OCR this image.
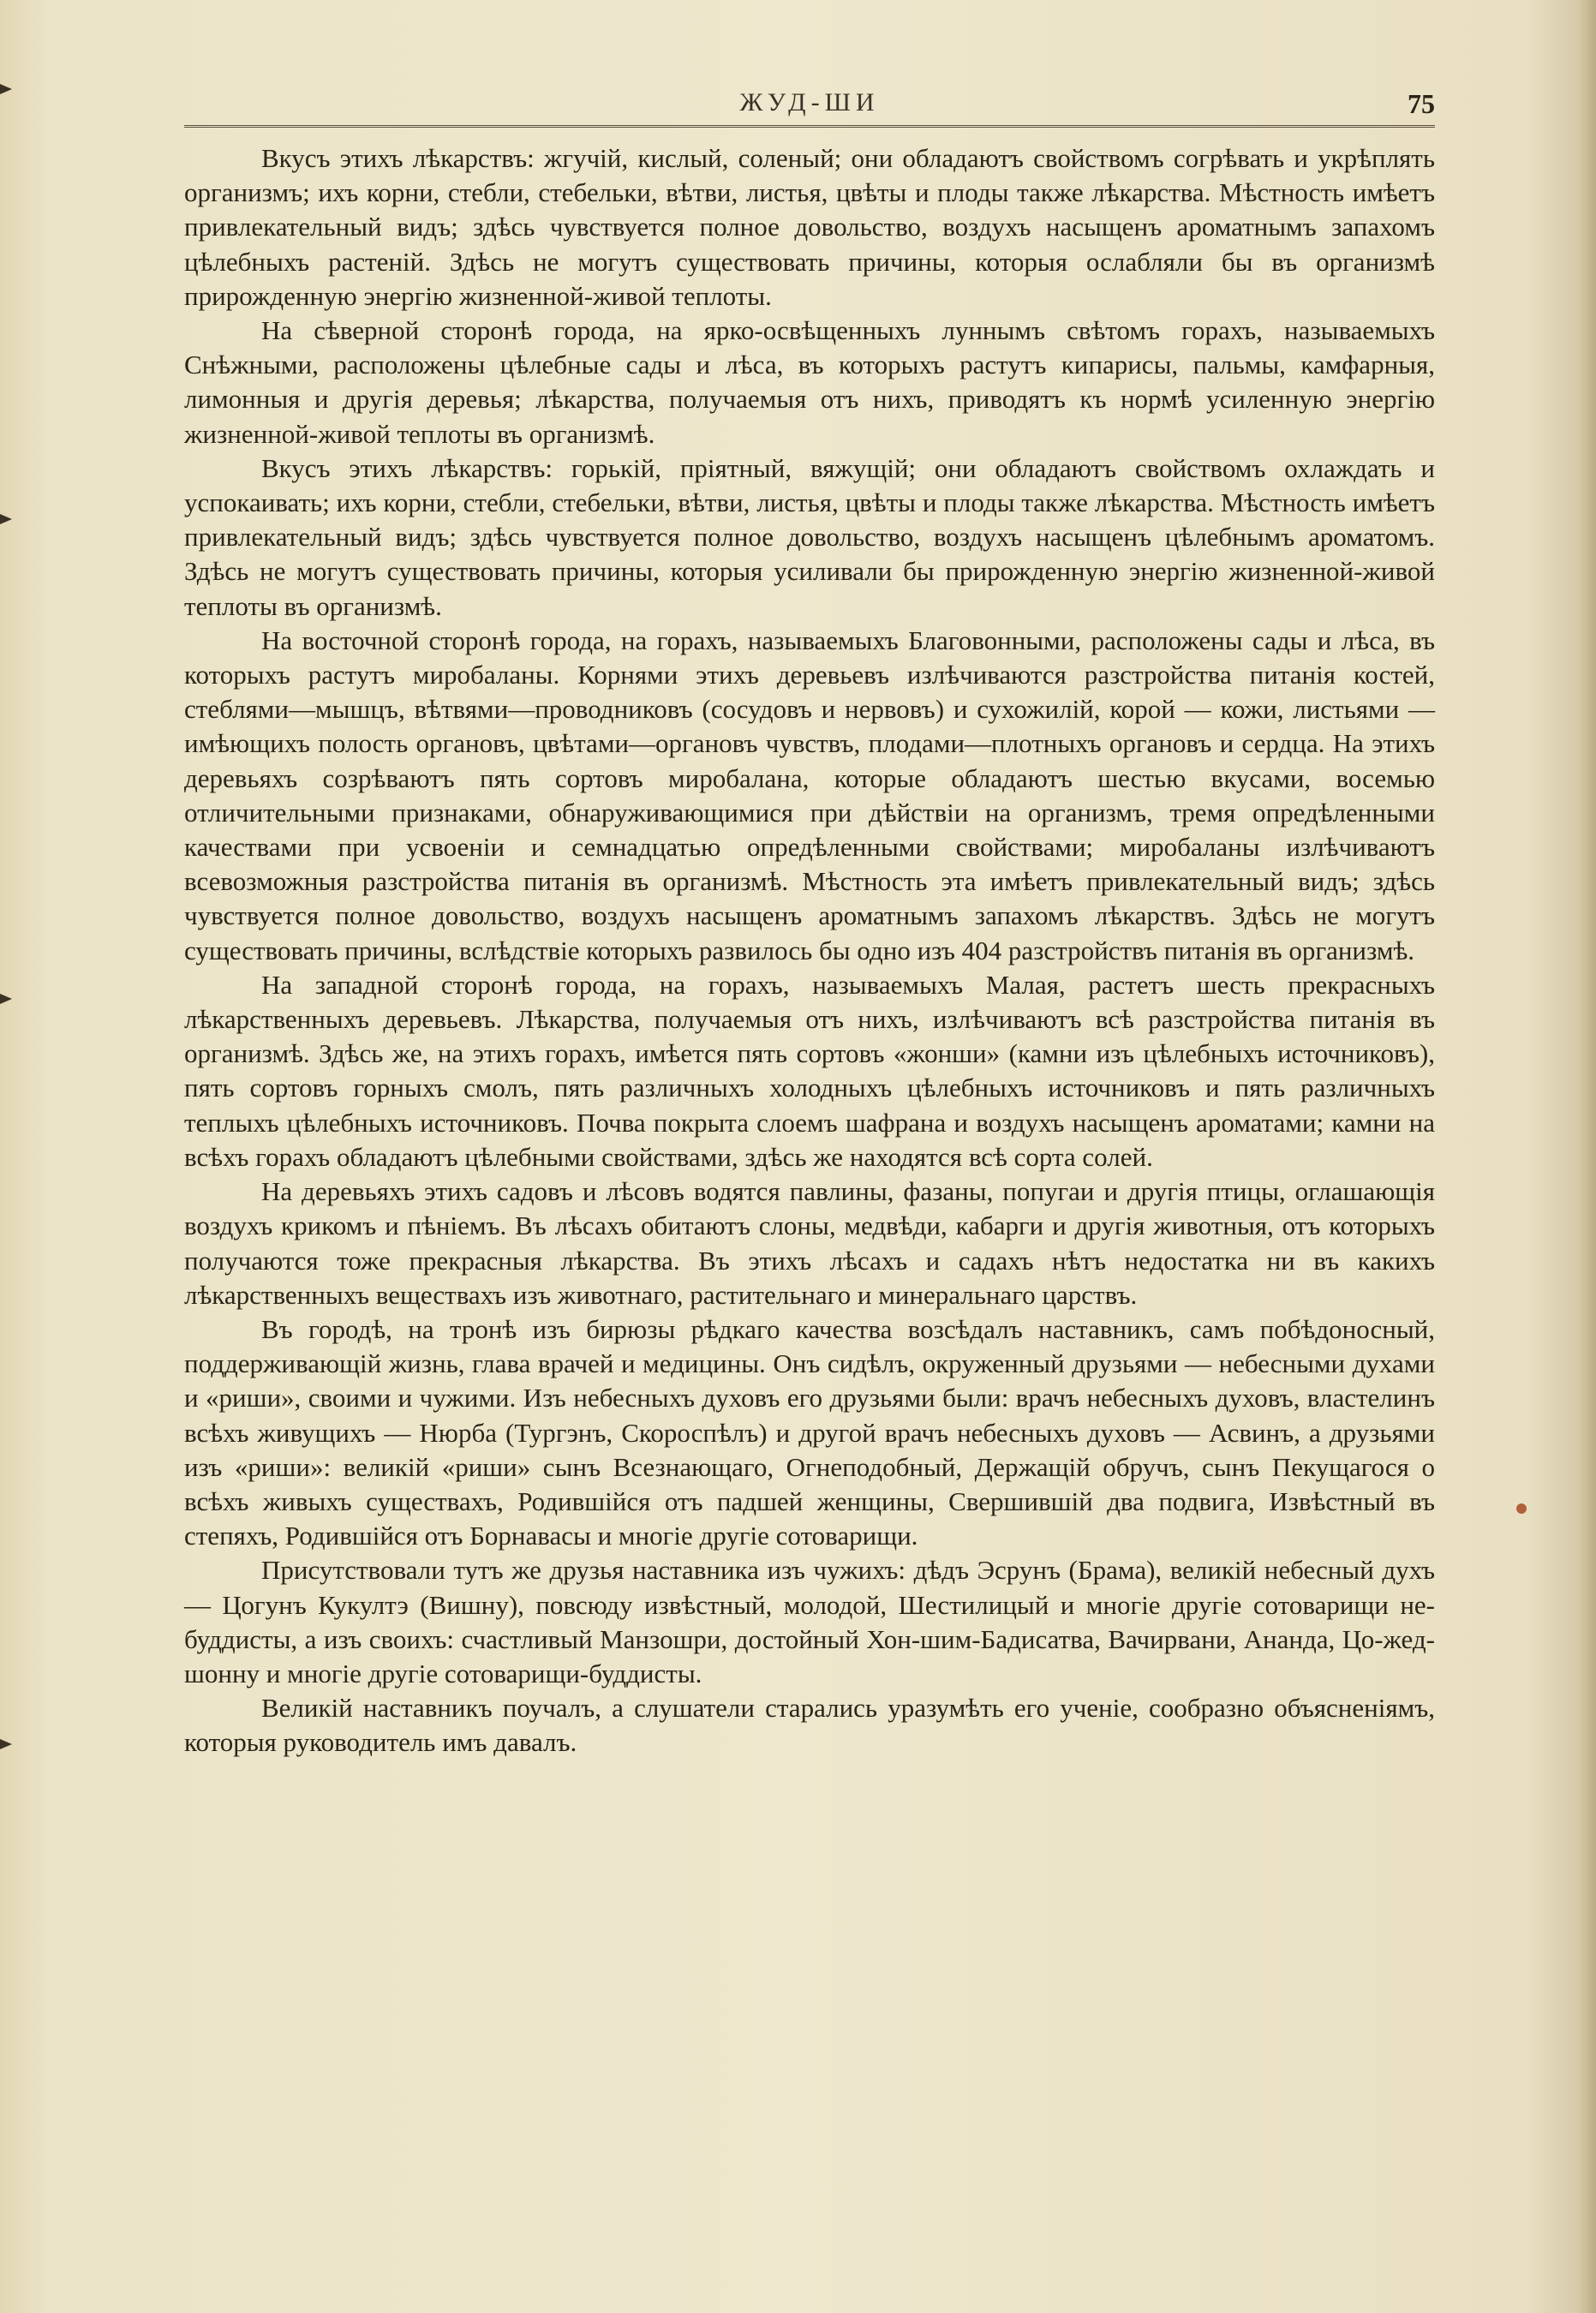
ЖУД-ШИ	75

Вкусъ этихъ лѣкарствъ: жгучій, кислый, соленый; они обладаютъ свойствомъ согрѣвать и укрѣплять организмъ; ихъ корни, стебли, стебельки, вѣтви, листья, цвѣты и плоды также лѣкарства. Мѣстность имѣетъ привлекательный видъ; здѣсь чувствуется полное довольство, воздухъ насыщенъ ароматнымъ запахомъ цѣлебныхъ растеній. Здѣсь не могутъ существовать причины, которыя ослабляли бы въ организмѣ прирожденную энергію жизненной-живой теплоты.

На сѣверной сторонѣ города, на ярко-освѣщенныхъ луннымъ свѣтомъ горахъ, называемыхъ Снѣжными, расположены цѣлебные сады и лѣса, въ которыхъ растутъ кипарисы, пальмы, камфарныя, лимонныя и другія деревья; лѣкарства, получаемыя отъ нихъ, приводятъ къ нормѣ усиленную энергію жизненной-живой теплоты въ организмѣ.

Вкусъ этихъ лѣкарствъ: горькій, пріятный, вяжущій; они обладаютъ свойствомъ охлаждать и успокаивать; ихъ корни, стебли, стебельки, вѣтви, листья, цвѣты и плоды также лѣкарства. Мѣстность имѣетъ привлекательный видъ; здѣсь чувствуется полное довольство, воздухъ насыщенъ цѣлебнымъ ароматомъ. Здѣсь не могутъ существовать причины, которыя усиливали бы прирожденную энергію жизненной-живой теплоты въ организмѣ.

На восточной сторонѣ города, на горахъ, называемыхъ Благовонными, расположены сады и лѣса, въ которыхъ растутъ миробаланы. Корнями этихъ деревьевъ излѣчиваются разстройства питанія костей, стеблями—мышцъ, вѣтвями—проводниковъ (сосудовъ и нервовъ) и сухожилій, корой — кожи, листьями — имѣющихъ полость органовъ, цвѣтами—органовъ чувствъ, плодами—плотныхъ органовъ и сердца. На этихъ деревьяхъ созрѣваютъ пять сортовъ миробалана, которые обладаютъ шестью вкусами, восемью отличительными признаками, обнаруживающимися при дѣйствіи на организмъ, тремя опредѣленными качествами при усвоеніи и семнадцатью опредѣленными свойствами; миробаланы излѣчиваютъ всевозможныя разстройства питанія въ организмѣ. Мѣстность эта имѣетъ привлекательный видъ; здѣсь чувствуется полное довольство, воздухъ насыщенъ ароматнымъ запахомъ лѣкарствъ. Здѣсь не могутъ существовать причины, вслѣдствіе которыхъ развилось бы одно изъ 404 разстройствъ питанія въ организмѣ.

На западной сторонѣ города, на горахъ, называемыхъ Малая, растетъ шесть прекрасныхъ лѣкарственныхъ деревьевъ. Лѣкарства, получаемыя отъ нихъ, излѣчиваютъ всѣ разстройства питанія въ организмѣ. Здѣсь же, на этихъ горахъ, имѣется пять сортовъ «жонши» (камни изъ цѣлебныхъ источниковъ), пять сортовъ горныхъ смолъ, пять различныхъ холодныхъ цѣлебныхъ источниковъ и пять различныхъ теплыхъ цѣлебныхъ источниковъ. Почва покрыта слоемъ шафрана и воздухъ насыщенъ ароматами; камни на всѣхъ горахъ обладаютъ цѣлебными свойствами, здѣсь же находятся всѣ сорта солей.

На деревьяхъ этихъ садовъ и лѣсовъ водятся павлины, фазаны, попугаи и другія птицы, оглашающія воздухъ крикомъ и пѣніемъ. Въ лѣсахъ обитаютъ слоны, медвѣди, кабарги и другія животныя, отъ которыхъ получаются тоже прекрасныя лѣкарства. Въ этихъ лѣсахъ и садахъ нѣтъ недостатка ни въ какихъ лѣкарственныхъ веществахъ изъ животнаго, растительнаго и минеральнаго царствъ.

Въ городѣ, на тронѣ изъ бирюзы рѣдкаго качества возсѣдалъ наставникъ, самъ побѣдоносный, поддерживающій жизнь, глава врачей и медицины. Онъ сидѣлъ, окруженный друзьями — небесными духами и «риши», своими и чужими. Изъ небесныхъ духовъ его друзьями были: врачъ небесныхъ духовъ, властелинъ всѣхъ живущихъ — Нюрба (Тургэнъ, Скороспѣлъ) и другой врачъ небесныхъ духовъ — Асвинъ, а друзьями изъ «риши»: великій «риши» сынъ Всезнающаго, Огнеподобный, Держащій обручъ, сынъ Пекущагося о всѣхъ живыхъ существахъ, Родившійся отъ падшей женщины, Свершившій два подвига, Извѣстный въ степяхъ, Родившійся отъ Борнавасы и многіе другіе сотоварищи.

Присутствовали тутъ же друзья наставника изъ чужихъ: дѣдъ Эсрунъ (Брама), великій небесный духъ — Цогунъ Кукултэ (Вишну), повсюду извѣстный, молодой, Шестилицый и многіе другіе сотоварищи не-буддисты, а изъ своихъ: счастливый Манзошри, достойный Хон-шим-Бадисатва, Вачирвани, Ананда, Цо-жед-шонну и многіе другіе сотоварищи-буддисты.

Великій наставникъ поучалъ, а слушатели старались уразумѣть его ученіе, сообразно объясненіямъ, которыя руководитель имъ давалъ.
